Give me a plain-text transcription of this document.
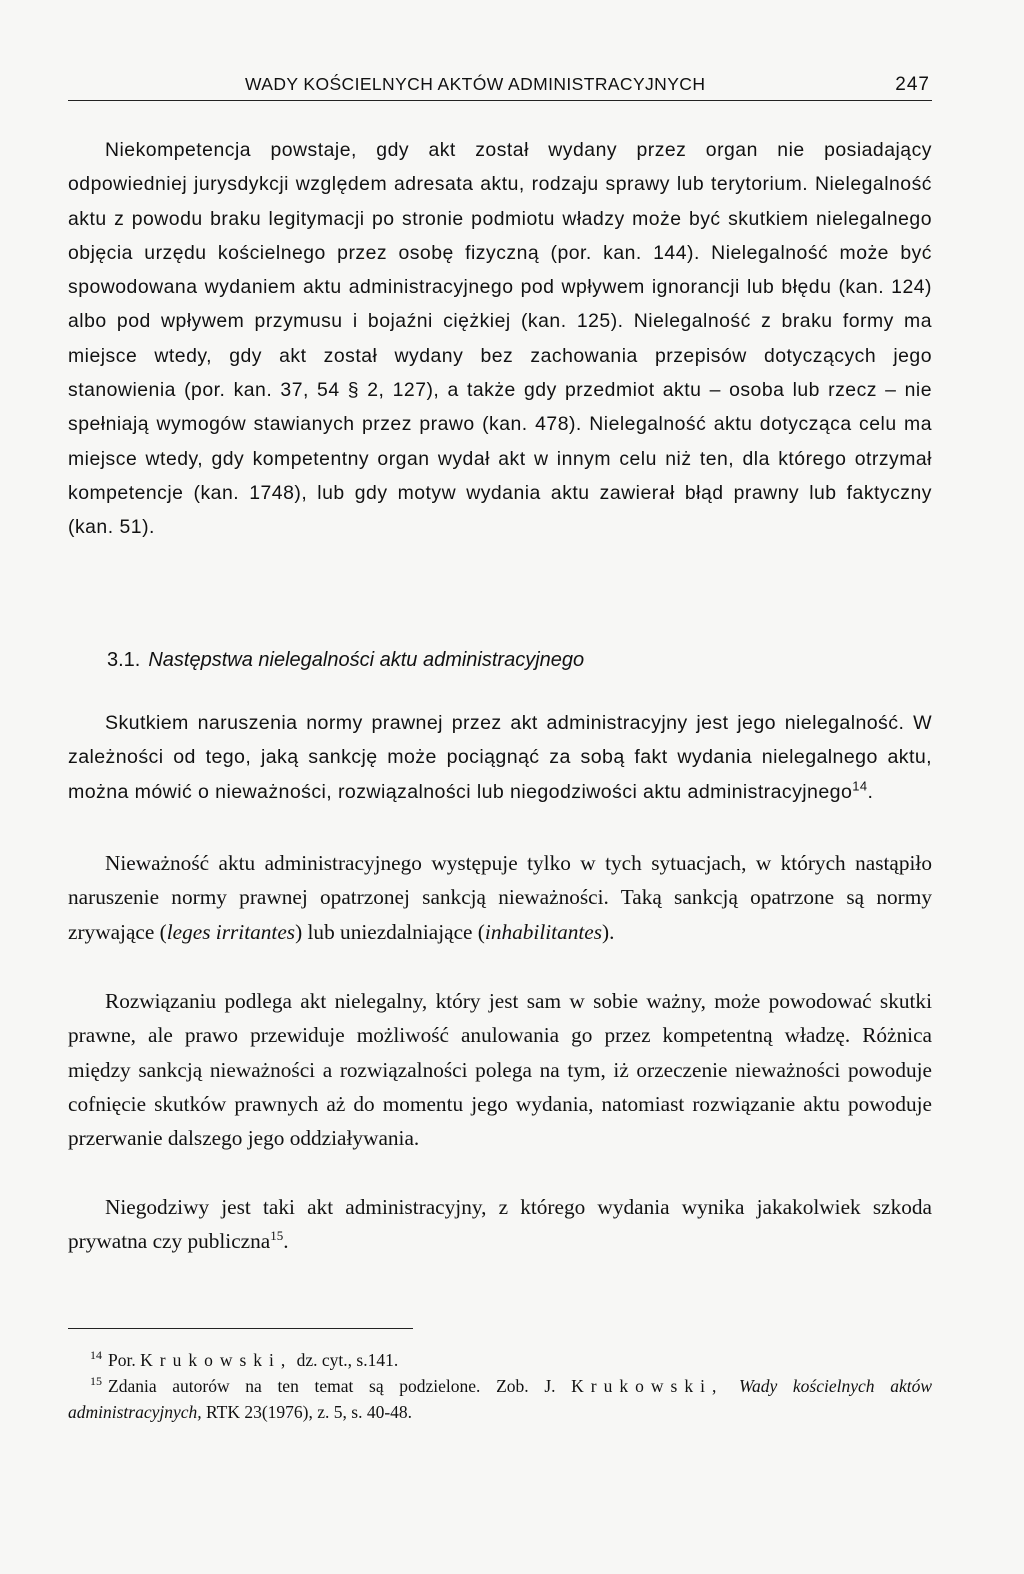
WADY KOŚCIELNYCH AKTÓW ADMINISTRACYJNYCH	247

Niekompetencja powstaje, gdy akt został wydany przez organ nie posiadający odpowiedniej jurysdykcji względem adresata aktu, rodzaju sprawy lub terytorium. Nielegalność aktu z powodu braku legitymacji po stronie podmiotu władzy może być skutkiem nielegalnego objęcia urzędu kościelnego przez osobę fizyczną (por. kan. 144). Nielegalność może być spowodowana wydaniem aktu administracyjnego pod wpływem ignorancji lub błędu (kan. 124) albo pod wpływem przymusu i bojaźni ciężkiej (kan. 125). Nielegalność z braku formy ma miejsce wtedy, gdy akt został wydany bez zachowania przepisów dotyczących jego stanowienia (por. kan. 37, 54 § 2, 127), a także gdy przedmiot aktu – osoba lub rzecz – nie spełniają wymogów stawianych przez prawo (kan. 478). Nielegalność aktu dotycząca celu ma miejsce wtedy, gdy kompetentny organ wydał akt w innym celu niż ten, dla którego otrzymał kompetencje (kan. 1748), lub gdy motyw wydania aktu zawierał błąd prawny lub faktyczny (kan. 51).

3.1. Następstwa nielegalności aktu administracyjnego

Skutkiem naruszenia normy prawnej przez akt administracyjny jest jego nielegalność. W zależności od tego, jaką sankcję może pociągnąć za sobą fakt wydania nielegalnego aktu, można mówić o nieważności, rozwiązalności lub niegodziwości aktu administracyjnego$^{14}$.

Nieważność aktu administracyjnego występuje tylko w tych sytuacjach, w których nastąpiło naruszenie normy prawnej opatrzonej sankcją nieważności. Taką sankcją opatrzone są normy zrywające (leges irritantes) lub uniezdalniające (inhabilitantes).

Rozwiązaniu podlega akt nielegalny, który jest sam w sobie ważny, może powodować skutki prawne, ale prawo przewiduje możliwość anulowania go przez kompetentną władzę. Różnica między sankcją nieważności a rozwiązalności polega na tym, iż orzeczenie nieważności powoduje cofnięcie skutków prawnych aż do momentu jego wydania, natomiast rozwiązanie aktu powoduje przerwanie dalszego jego oddziaływania.

Niegodziwy jest taki akt administracyjny, z którego wydania wynika jakakolwiek szkoda prywatna czy publiczna$^{15}$.

$^{14}$ Por. Krukowski, dz. cyt., s.141.

$^{15}$ Zdania autorów na ten temat są podzielone. Zob. J. Krukowski, Wady kościelnych aktów administracyjnych, RTK 23(1976), z. 5, s. 40-48.
